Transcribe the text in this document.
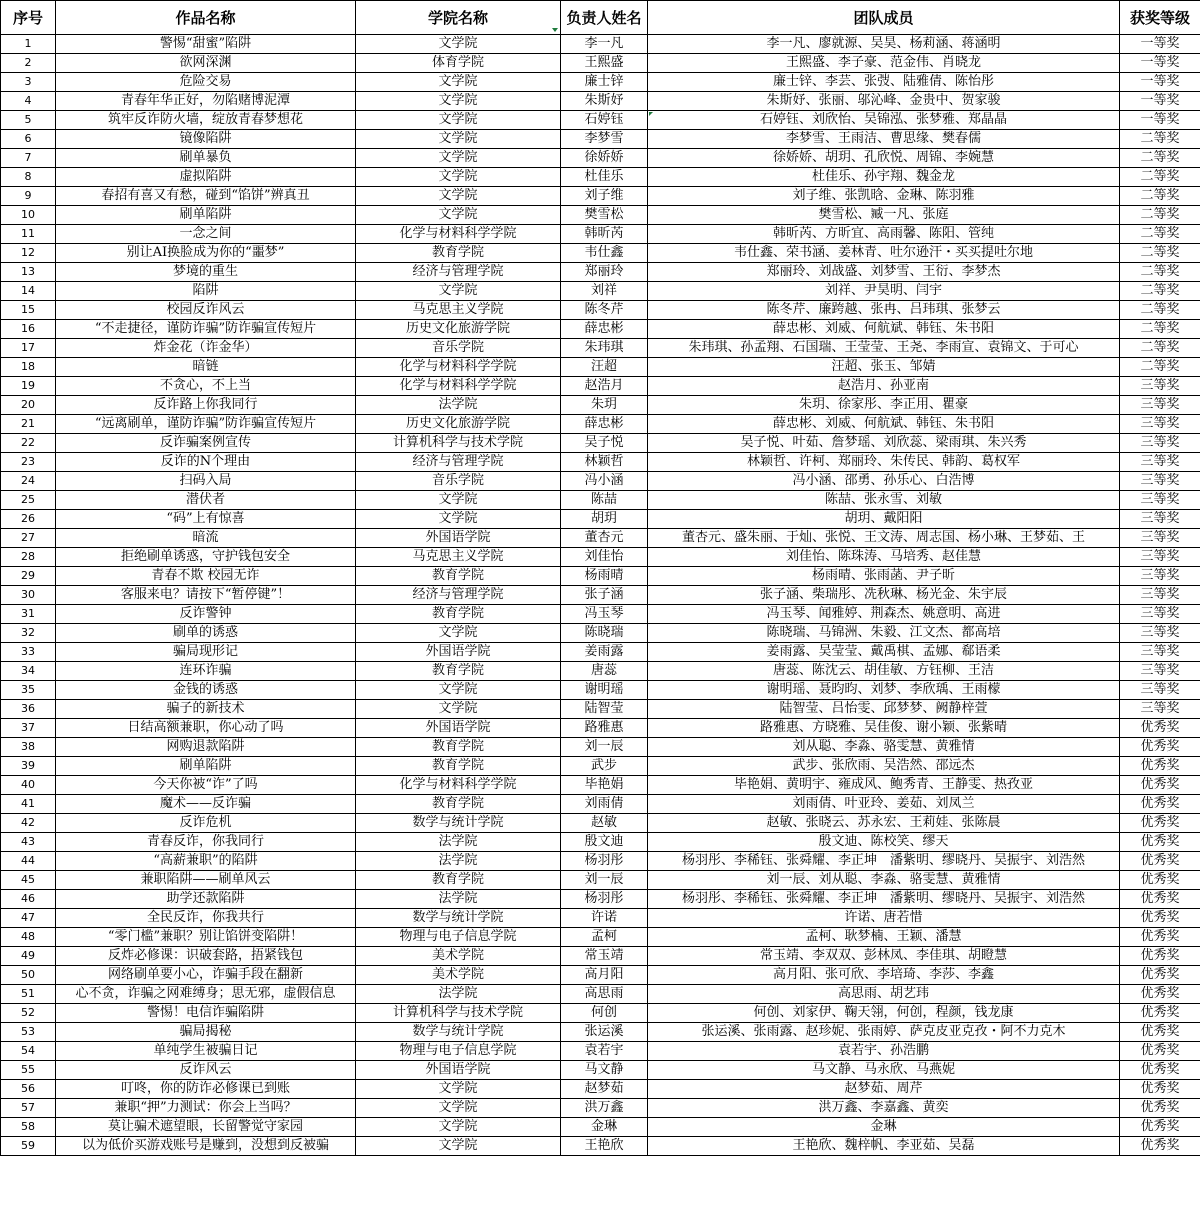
序号	作品名称	学院名称	负责人姓名	团队成员	获奖等级
1	警惕“甜蜜”陷阱	文学院	李一凡	李一凡、廖就源、吴昊、杨莉涵、蒋涵明	一等奖
2	欲网深渊	体育学院	王熙盛	王熙盛、李子豪、范金伟、肖晓龙	一等奖
3	危险交易	文学院	廉士锌	廉士锌、李芸、张弢、陆雅倩、陈怡彤	一等奖
4	青春年华正好，勿陷赌博泥潭	文学院	朱斯妤	朱斯妤、张丽、邬沁峰、金贵中、贺家骏	一等奖
5	筑牢反诈防火墙，绽放青春梦想花	文学院	石婷钰	石婷钰、刘欣怡、吴锦泓、张梦雅、郑晶晶	一等奖
6	镜像陷阱	文学院	李梦雪	李梦雪、王雨洁、曹思缘、樊春儒	二等奖
7	刷单暴负	文学院	徐娇娇	徐娇娇、胡玥、孔欣悦、周锦、李婉慧	二等奖
8	虚拟陷阱	文学院	杜佳乐	杜佳乐、孙宇翔、魏金龙	二等奖
9	春招有喜又有愁，碰到“馅饼”辨真丑	文学院	刘子维	刘子维、张凯晗、金琳、陈羽雅	二等奖
10	刷单陷阱	文学院	樊雪松	樊雪松、臧一凡、张庭	二等奖
11	一念之间	化学与材料科学学院	韩昕芮	韩昕芮、方昕宜、高雨馨、陈阳、管纯	二等奖
12	别让AI换脸成为你的“噩梦”	教育学院	韦仕鑫	韦仕鑫、荣书涵、姜林青、吐尔逊汗・买买提吐尔地	二等奖
13	梦境的重生	经济与管理学院	郑丽玲	郑丽玲、刘战盛、刘梦雪、王衍、李梦杰	二等奖
14	陷阱	文学院	刘祥	刘祥、尹昊明、闫宇	二等奖
15	校园反诈风云	马克思主义学院	陈冬芹	陈冬芹、廉跨越、张冉、吕玮琪、张梦云	二等奖
16	“不走捷径，谨防诈骗”防诈骗宣传短片	历史文化旅游学院	薛忠彬	薛忠彬、刘威、何航斌、韩钰、朱书阳	二等奖
17	炸金花（诈金华）	音乐学院	朱玮琪	朱玮琪、孙孟翔、石国瑞、王莹莹、王尧、李雨宣、袁锦文、于可心	二等奖
18	暗链	化学与材料科学学院	汪超	汪超、张玉、邹婧	二等奖
19	不贪心，不上当	化学与材料科学学院	赵浩月	赵浩月、孙亚南	三等奖
20	反诈路上你我同行	法学院	朱玥	朱玥、徐家彤、李正用、瞿豪	三等奖
21	“远离刷单，谨防诈骗”防诈骗宣传短片	历史文化旅游学院	薛忠彬	薛忠彬、刘威、何航斌、韩钰、朱书阳	三等奖
22	反诈骗案例宣传	计算机科学与技术学院	吴子悦	吴子悦、叶茹、詹梦瑶、刘欣蕊、梁雨琪、朱兴秀	三等奖
23	反诈的N个理由	经济与管理学院	林颖哲	林颖哲、许柯、郑丽玲、朱传民、韩韵、葛权军	三等奖
24	扫码入局	音乐学院	冯小涵	冯小涵、邵勇、孙乐心、白浩博	三等奖
25	潜伏者	文学院	陈喆	陈喆、张永雪、刘敏	三等奖
26	“码”上有惊喜	文学院	胡玥	胡玥、戴阳阳	三等奖
27	暗流	外国语学院	董杏元	董杏元、盛朱丽、于灿、张悦、王文涛、周志国、杨小琳、王梦茹、王	三等奖
28	拒绝刷单诱惑，守护钱包安全	马克思主义学院	刘佳怡	刘佳怡、陈珠涛、马培秀、赵佳慧	三等奖
29	青春不欺 校园无诈	教育学院	杨雨晴	杨雨晴、张雨菡、尹子昕	三等奖
30	客服来电？请按下“暂停键”！	经济与管理学院	张子涵	张子涵、柴瑞彤、冼秋琳、杨光金、朱宇辰	三等奖
31	反诈警钟	教育学院	冯玉琴	冯玉琴、闻雅婷、荆森杰、姚意明、高进	三等奖
32	刷单的诱惑	文学院	陈晓瑞	陈晓瑞、马锦洲、朱毅、江文杰、都高培	三等奖
33	骗局现形记	外国语学院	姜雨露	姜雨露、吴莹莹、戴禹棋、孟娜、郗语柔	三等奖
34	连环诈骗	教育学院	唐蕊	唐蕊、陈沈云、胡佳敏、方钰柳、王洁	三等奖
35	金钱的诱惑	文学院	谢明瑶	谢明瑶、聂昀昀、刘梦、李欣瑀、王雨檬	三等奖
36	骗子的新技术	文学院	陆智莹	陆智莹、吕怡雯、邱梦梦、阙静梓萱	三等奖
37	日结高额兼职，你心动了吗	外国语学院	路雅惠	路雅惠、方晓雅、吴佳俊、谢小颖、张紫晴	优秀奖
38	网购退款陷阱	教育学院	刘一辰	刘从聪、李淼、骆雯慧、黄雅情	优秀奖
39	刷单陷阱	教育学院	武步	武步、张欣雨、吴浩然、邵远杰	优秀奖
40	今天你被“诈”了吗	化学与材料科学学院	毕艳娟	毕艳娟、黄明宇、雍成风、鲍秀青、王静雯、热孜亚	优秀奖
41	魔术——反诈骗	教育学院	刘雨倩	刘雨倩、叶亚玲、姜茹、刘凤兰	优秀奖
42	反诈危机	数学与统计学院	赵敏	赵敏、张晓云、苏永宏、王莉娃、张陈晨	优秀奖
43	青春反诈，你我同行	法学院	殷文迪	殷文迪、陈校笑、缪天	优秀奖
44	“高薪兼职”的陷阱	法学院	杨羽彤	杨羽彤、李稀钰、张舜耀、李正坤　潘紫明、缪晓丹、吴振宇、刘浩然	优秀奖
45	兼职陷阱——刷单风云	教育学院	刘一辰	刘一辰、刘从聪、李淼、骆雯慧、黄雅情	优秀奖
46	助学还款陷阱	法学院	杨羽彤	杨羽彤、李稀钰、张舜耀、李正坤　潘紫明、缪晓丹、吴振宇、刘浩然	优秀奖
47	全民反诈，你我共行	数学与统计学院	许诺	许诺、唐若惜	优秀奖
48	“零门槛”兼职？别让馅饼变陷阱！	物理与电子信息学院	孟柯	孟柯、耿梦楠、王颖、潘慧	优秀奖
49	反炸必修课：识破套路，捂紧钱包	美术学院	常玉靖	常玉靖、李双双、彭林凤、李佳琪、胡瞪慧	优秀奖
50	网络刷单要小心，诈骗手段在翻新	美术学院	高月阳	高月阳、张可欣、李培琦、李莎、李鑫	优秀奖
51	心不贪，诈骗之网难缚身；思无邪，虚假信息	法学院	高思雨	高思雨、胡艺玮	优秀奖
52	警惕！电信诈骗陷阱	计算机科学与技术学院	何创	何创、刘家伊、鞠天翎，何创，程颜，钱龙康	优秀奖
53	骗局揭秘	数学与统计学院	张运溪	张运溪、张雨露、赵珍妮、张雨婷、萨克皮亚克孜・阿不力克木	优秀奖
54	单纯学生被骗日记	物理与电子信息学院	袁若宇	袁若宇、孙浩鹏	优秀奖
55	反诈风云	外国语学院	马文静	马文静、马永欣、马燕妮	优秀奖
56	叮咚，你的防诈必修课已到账	文学院	赵梦茹	赵梦茹、周芹	优秀奖
57	兼职“押”力测试：你会上当吗？	文学院	洪万鑫	洪万鑫、李嘉鑫、黄奕	优秀奖
58	莫让骗术遮望眼，长留警觉守家园	文学院	金琳	金琳	优秀奖
59	以为低价买游戏账号是赚到，没想到反被骗	文学院	王艳欣	王艳欣、魏梓帆、李亚茹、吴磊	优秀奖
